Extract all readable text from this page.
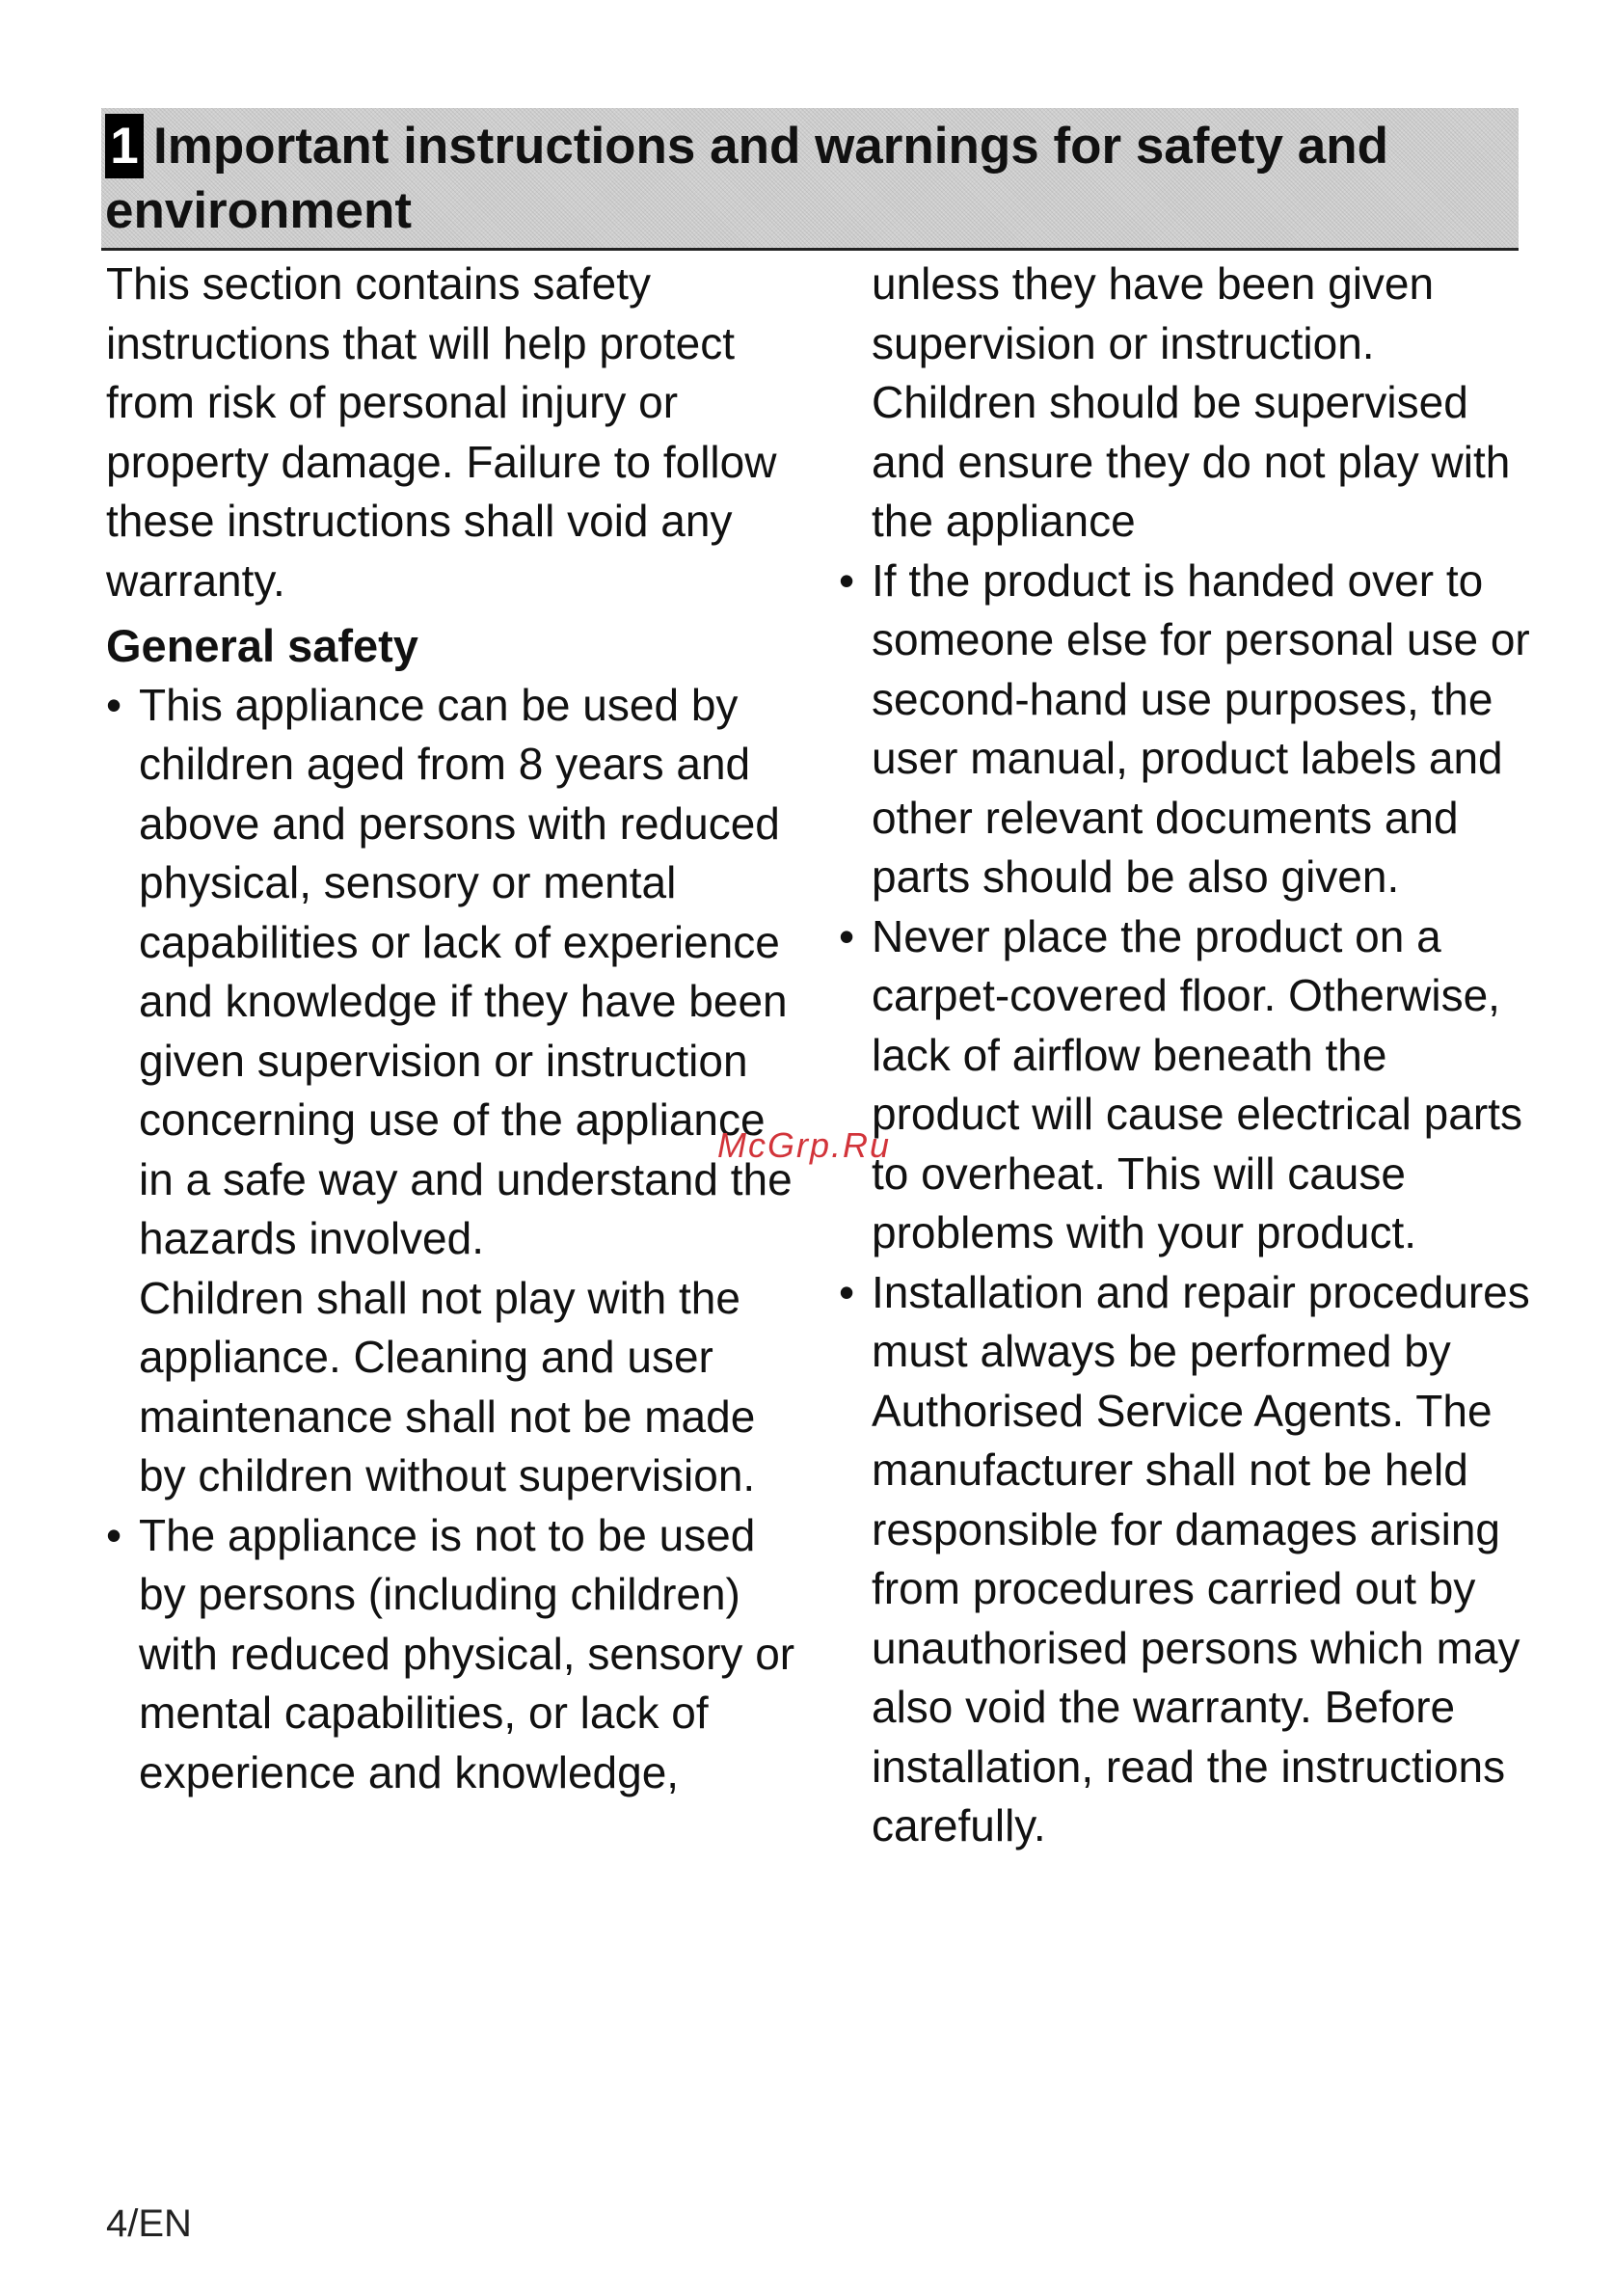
1 Important instructions and warnings for safety and environment

This section contains safety instructions that will help protect from risk of personal injury or property damage. Failure to follow these instructions shall void any warranty.

General safety
• This appliance can be used by children aged from 8 years and above and persons with reduced physical, sensory or mental capabilities or lack of experience and knowledge if they have been given supervision or instruction concerning use of the appliance in a safe way and understand the hazards involved.

Children shall not play with the appliance. Cleaning and user maintenance shall not be made by children without supervision.

• The appliance is not to be used by persons (including children) with reduced physical, sensory or mental capabilities, or lack of experience and knowledge,

unless they have been given supervision or instruction. Children should be supervised and ensure they do not play with the appliance

• If the product is handed over to someone else for personal use or second-hand use purposes, the user manual, product labels and other relevant documents and parts should be also given.
• Never place the product on a carpet-covered floor. Otherwise, lack of airflow beneath the product will cause electrical parts to overheat. This will cause problems with your product.
• Installation and repair procedures must always be performed by Authorised Service Agents. The manufacturer shall not be held responsible for damages arising from procedures carried out by unauthorised persons which may also void the warranty. Before installation, read the instructions carefully.
McGrp.Ru
4/EN
